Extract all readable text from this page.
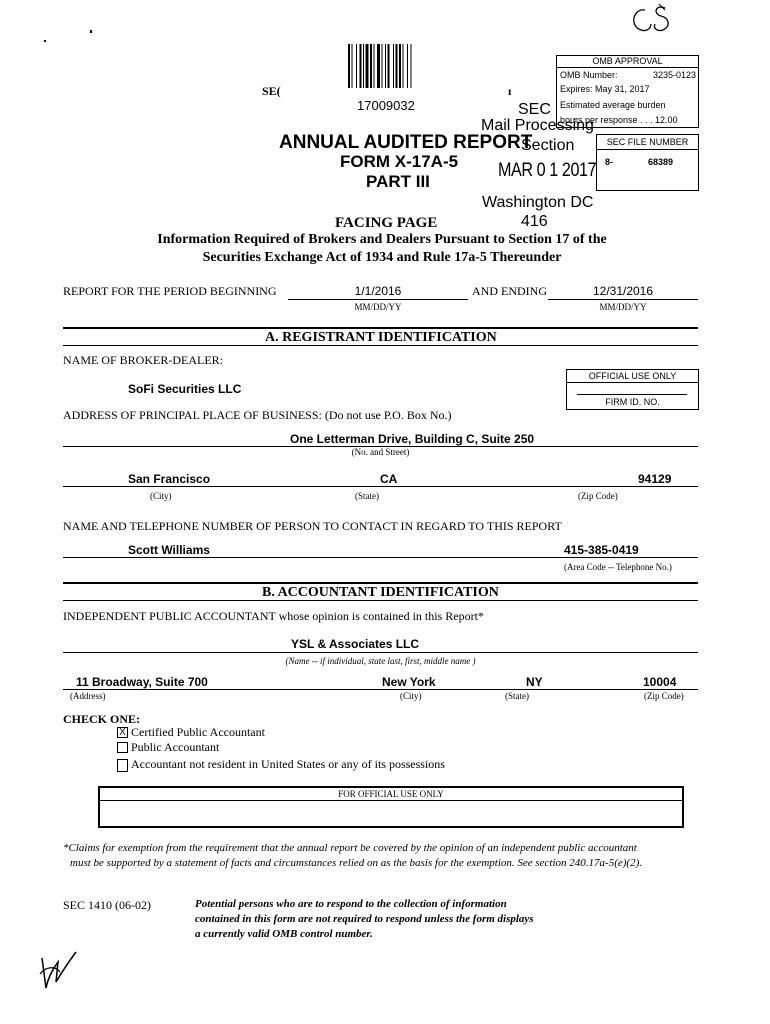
17009032
SE(	ı
SEC
Mail Processing
Section
MAR 0 1 2017
Washington DC
416
OMB APPROVAL
OMB Number:	3235-0123
Expires: May 31, 2017
Estimated average burden
hours per response . . . 12.00
SEC FILE NUMBER
8-	68389
ANNUAL AUDITED REPORT
FORM X-17A-5
PART III
FACING PAGE
Information Required of Brokers and Dealers Pursuant to Section 17 of the
Securities Exchange Act of 1934 and Rule 17a-5 Thereunder
REPORT FOR THE PERIOD BEGINNING	1/1/2016
MM/DD/YY
AND ENDING	12/31/2016
MM/DD/YY
A. REGISTRANT IDENTIFICATION
NAME OF BROKER-DEALER:
SoFi Securities LLC
OFFICIAL USE ONLY
FIRM ID. NO.
ADDRESS OF PRINCIPAL PLACE OF BUSINESS: (Do not use P.O. Box No.)
One Letterman Drive, Building C, Suite 250
(No. and Street)
San Francisco	CA	94129
(City)	(State)	(Zip Code)
NAME AND TELEPHONE NUMBER OF PERSON TO CONTACT IN REGARD TO THIS REPORT
Scott Williams	415-385-0419
(Area Code -- Telephone No.)
B. ACCOUNTANT IDENTIFICATION
INDEPENDENT PUBLIC ACCOUNTANT whose opinion is contained in this Report*
YSL & Associates LLC
(Name -- if individual, state last, first, middle name )
11 Broadway, Suite 700	New York	NY	10004
(Address)	(City)	(State)	(Zip Code)
CHECK ONE:
X Certified Public Accountant
Public Accountant
Accountant not resident in United States or any of its possessions
FOR OFFICIAL USE ONLY
*Claims for exemption from the requirement that the annual report be covered by the opinion of an independent public accountant
must be supported by a statement of facts and circumstances relied on as the basis for the exemption. See section 240.17a-5(e)(2).
SEC 1410 (06-02)	Potential persons who are to respond to the collection of information
contained in this form are not required to respond unless the form displays
a currently valid OMB control number.
